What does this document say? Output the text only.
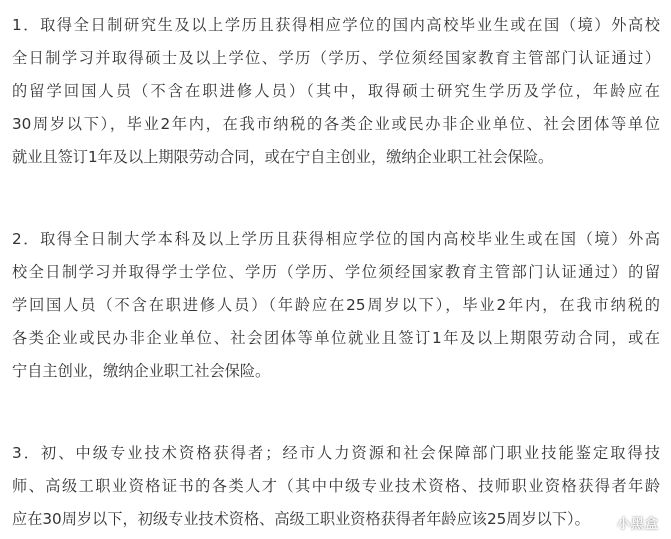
1．取得全日制研究生及以上学历且获得相应学位的国内高校毕业生或在国（境）外高校
全日制学习并取得硕士及以上学位、学历（学历、学位须经国家教育主管部门认证通过）
的留学回国人员（不含在职进修人员）（其中，取得硕士研究生学历及学位，年龄应在
30周岁以下），毕业2年内，在我市纳税的各类企业或民办非企业单位、社会团体等单位
就业且签订1年及以上期限劳动合同，或在宁自主创业，缴纳企业职工社会保险。
2．取得全日制大学本科及以上学历且获得相应学位的国内高校毕业生或在国（境）外高
校全日制学习并取得学士学位、学历（学历、学位须经国家教育主管部门认证通过）的留
学回国人员（不含在职进修人员）（年龄应在25周岁以下），毕业2年内，在我市纳税的
各类企业或民办非企业单位、社会团体等单位就业且签订1年及以上期限劳动合同，或在
宁自主创业，缴纳企业职工社会保险。
3．初、中级专业技术资格获得者；经市人力资源和社会保障部门职业技能鉴定取得技
师、高级工职业资格证书的各类人才（其中中级专业技术资格、技师职业资格获得者年龄
应在30周岁以下，初级专业技术资格、高级工职业资格获得者年龄应该25周岁以下）。	小黑盒
